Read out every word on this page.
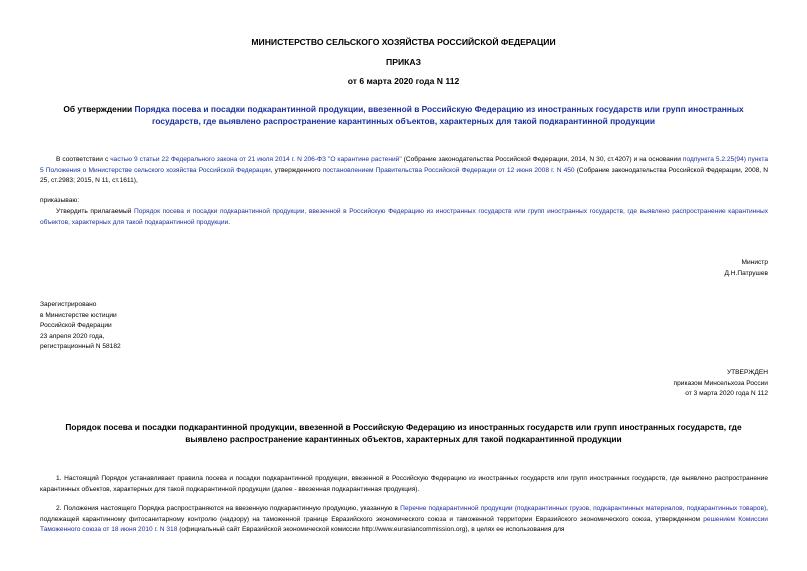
МИНИСТЕРСТВО СЕЛЬСКОГО ХОЗЯЙСТВА РОССИЙСКОЙ ФЕДЕРАЦИИ
ПРИКАЗ
от 6 марта 2020 года N 112
Об утверждении Порядка посева и посадки подкарантинной продукции, ввезенной в Российскую Федерацию из иностранных государств или групп иностранных
государств, где выявлено распространение карантинных объектов, характерных для такой подкарантинной продукции
В соответствии с частью 9 статьи 22 Федерального закона от 21 июля 2014 г. N 206-ФЗ "О карантине растений" (Собрание законодательства Российской Федерации, 2014, N 30, ст.4207) и на основании подпункта 5.2.25(94) пункта 5 Положения о Министерстве сельского хозяйства Российской Федерации, утвержденного постановлением Правительства Российской Федерации от 12 июня 2008 г. N 450 (Собрание законодательства Российской Федерации, 2008, N 25, ст.2983; 2015, N 11, ст.1611),
приказываю:
Утвердить прилагаемый Порядок посева и посадки подкарантинной продукции, ввезенной в Российскую Федерацию из иностранных государств или групп иностранных государств, где выявлено распространение карантинных объектов, характерных для такой подкарантинной продукции.
Министр
Д.Н.Патрушев
Зарегистрировано
в Министерстве юстиции
Российской Федерации
23 апреля 2020 года,
регистрационный N 58182
УТВЕРЖДЕН
приказом Минсельхоза России
от 3 марта 2020 года N 112
Порядок посева и посадки подкарантинной продукции, ввезенной в Российскую Федерацию из иностранных государств или групп иностранных государств, где
выявлено распространение карантинных объектов, характерных для такой подкарантинной продукции
1. Настоящий Порядок устанавливает правила посева и посадки подкарантинной продукции, ввезенной в Российскую Федерацию из иностранных государств или групп иностранных государств, где выявлено распространение карантинных объектов, характерных для такой подкарантинной продукции (далее - ввезенная подкарантинная продукция).
2. Положения настоящего Порядка распространяются на ввезенную подкарантинную продукцию, указанную в Перечне подкарантинной продукции (подкарантинных грузов, подкарантинных материалов, подкарантинных товаров), подлежащей карантинному фитосанитарному контролю (надзору) на таможенной границе Евразийского экономического союза и таможенной территории Евразийского экономического союза, утвержденном решением Комиссии Таможенного союза от 18 июня 2010 г. N 318 (официальный сайт Евразийской экономической комиссии http://www.eurasiancommission.org), в целях ее использования для
